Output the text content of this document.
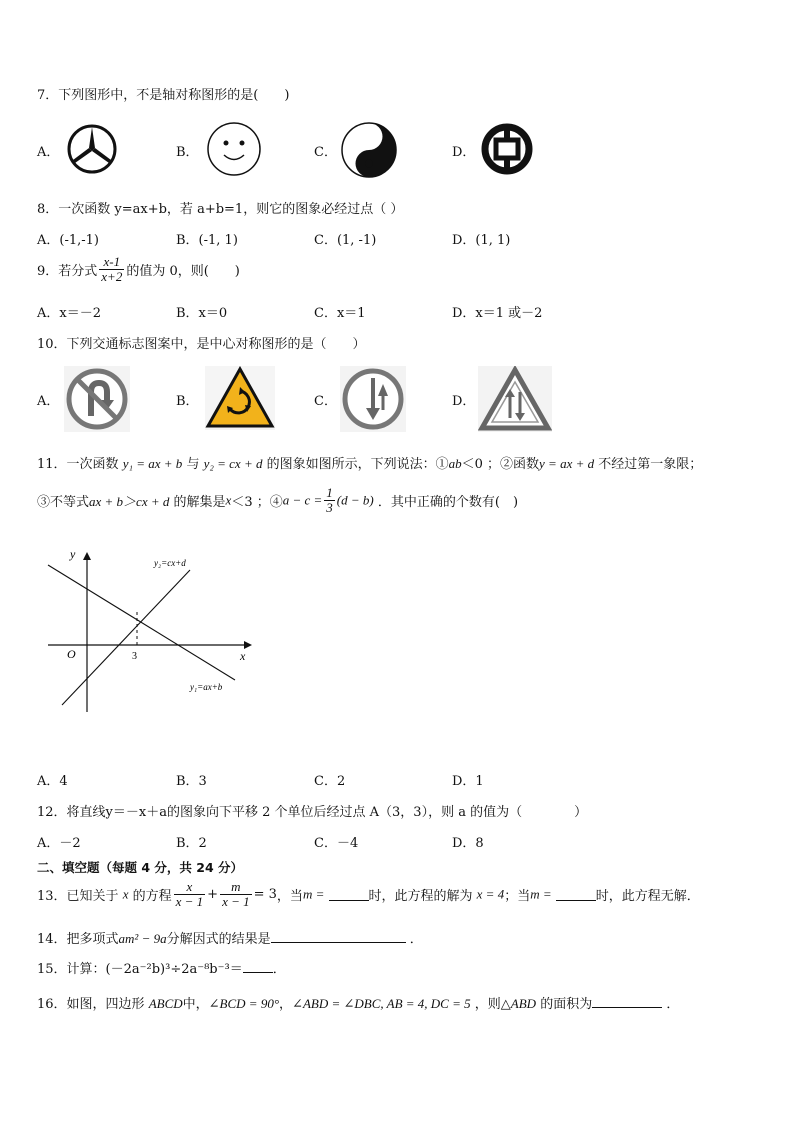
7．下列图形中，不是轴对称图形的是(　　)
A．	B．	C．	D．
8．一次函数 y=ax+b，若 a+b=1，则它的图象必经过点（ ）
A．(-1,-1)	B．(-1, 1)	C．(1, -1)	D．(1, 1)
9．若分式 $\frac{x-1}{x+2}$ 的值为 0，则(　　)
A．x＝－2	B．x＝0	C．x＝1	D．x＝1 或－2
10．下列交通标志图案中，是中心对称图形的是（　　）
A．	B．	C．	D．
11．一次函数 y₁ = ax + b 与 y₂ = cx + d 的图象如图所示，下列说法：①ab＜0 ；②函数y = ax + d 不经过第一象限；
③不等式ax + b＞cx + d 的解集是x＜3 ；④a − $c = \frac{1}{3} (d - b)$ ．其中正确的个数有(　)
y
x
O	3
y₂=cx+d
y₁=ax+b
A．4	B．3	C．2	D．1
12．将直线y＝－x＋a的图象向下平移 2 个单位后经过点 A（3，3），则 a 的值为（　　　　）
A．－2	B．2	C．－4	D．8
二、填空题（每题 4 分，共 24 分）
13．已知关于 x 的方程 $\frac{x}{x - 1} + \frac{m}{x - 1} = 3$，当m =	时，此方程的解为 x = 4；当m =	时，此方程无解．
14．把多项式am² − 9a分解因式的结果是	．
15．计算：(－2a⁻²b)³÷2a⁻⁸b⁻³＝ ．
16．如图，四边形 ABCD中，∠BCD = 90°，∠ABD = ∠DBC, AB = 4, DC = 5 ，则△ABD 的面积为	．
